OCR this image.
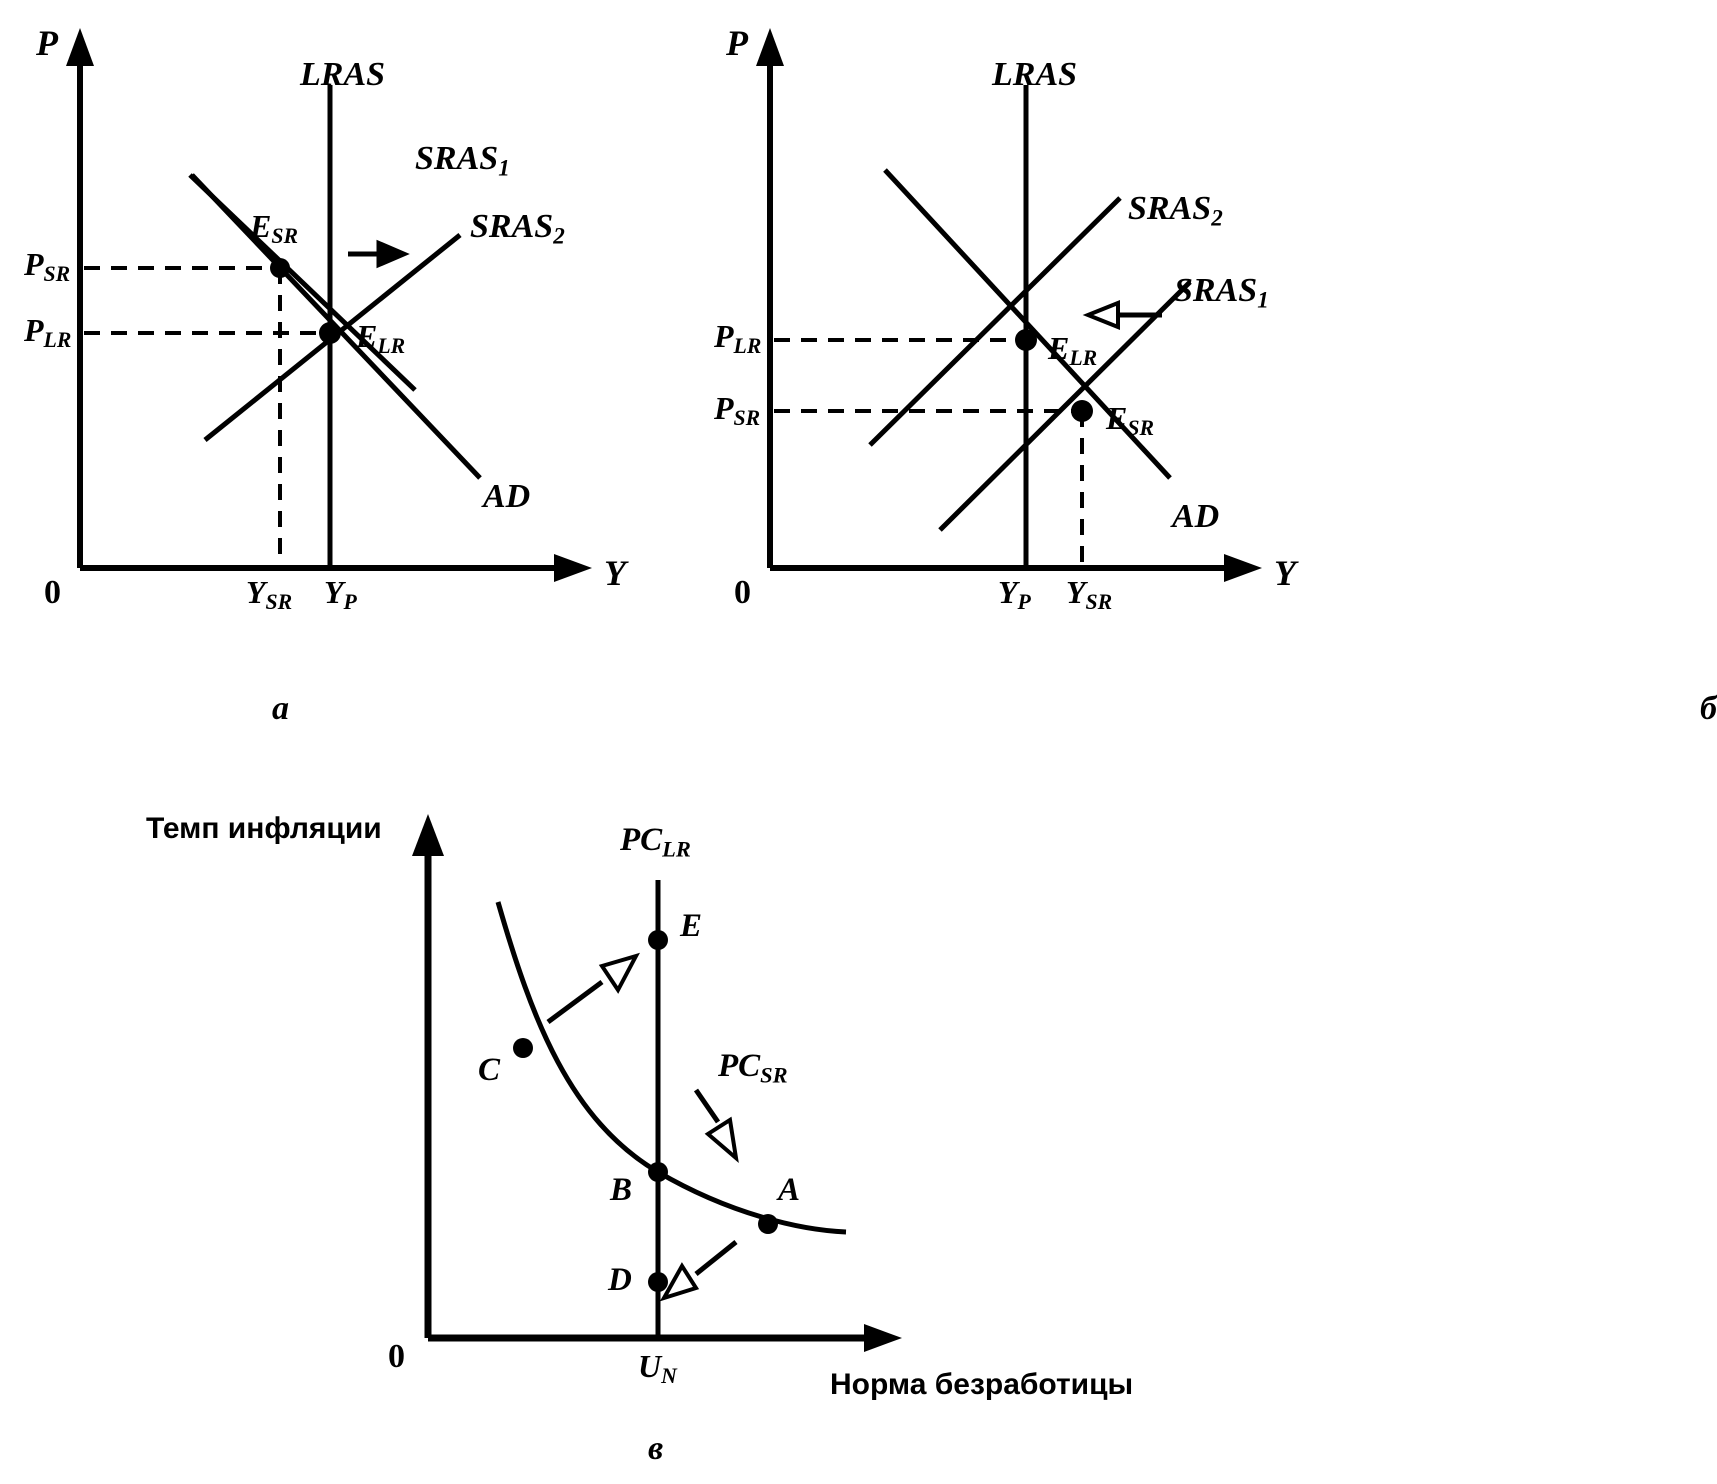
P
0	Y
LRAS
$SRAS_1$
$SRAS_2$
AD
$E_{SR}$
$E_{LR}$
$P_{SR}$
$P_{LR}$
$Y_{SR}$ $Y_P$
а
P
0	Y
LRAS
$SRAS_2$
$SRAS_1$
AD
$E_{LR}$
$E_{SR}$
$P_{LR}$
$P_{SR}$
$Y_P$ $Y_{SR}$
б
Темп инфляции
Норма безработицы
0
$PC_{LR}$
$PC_{SR}$
E
C
B	A
D
$U_N$
в
